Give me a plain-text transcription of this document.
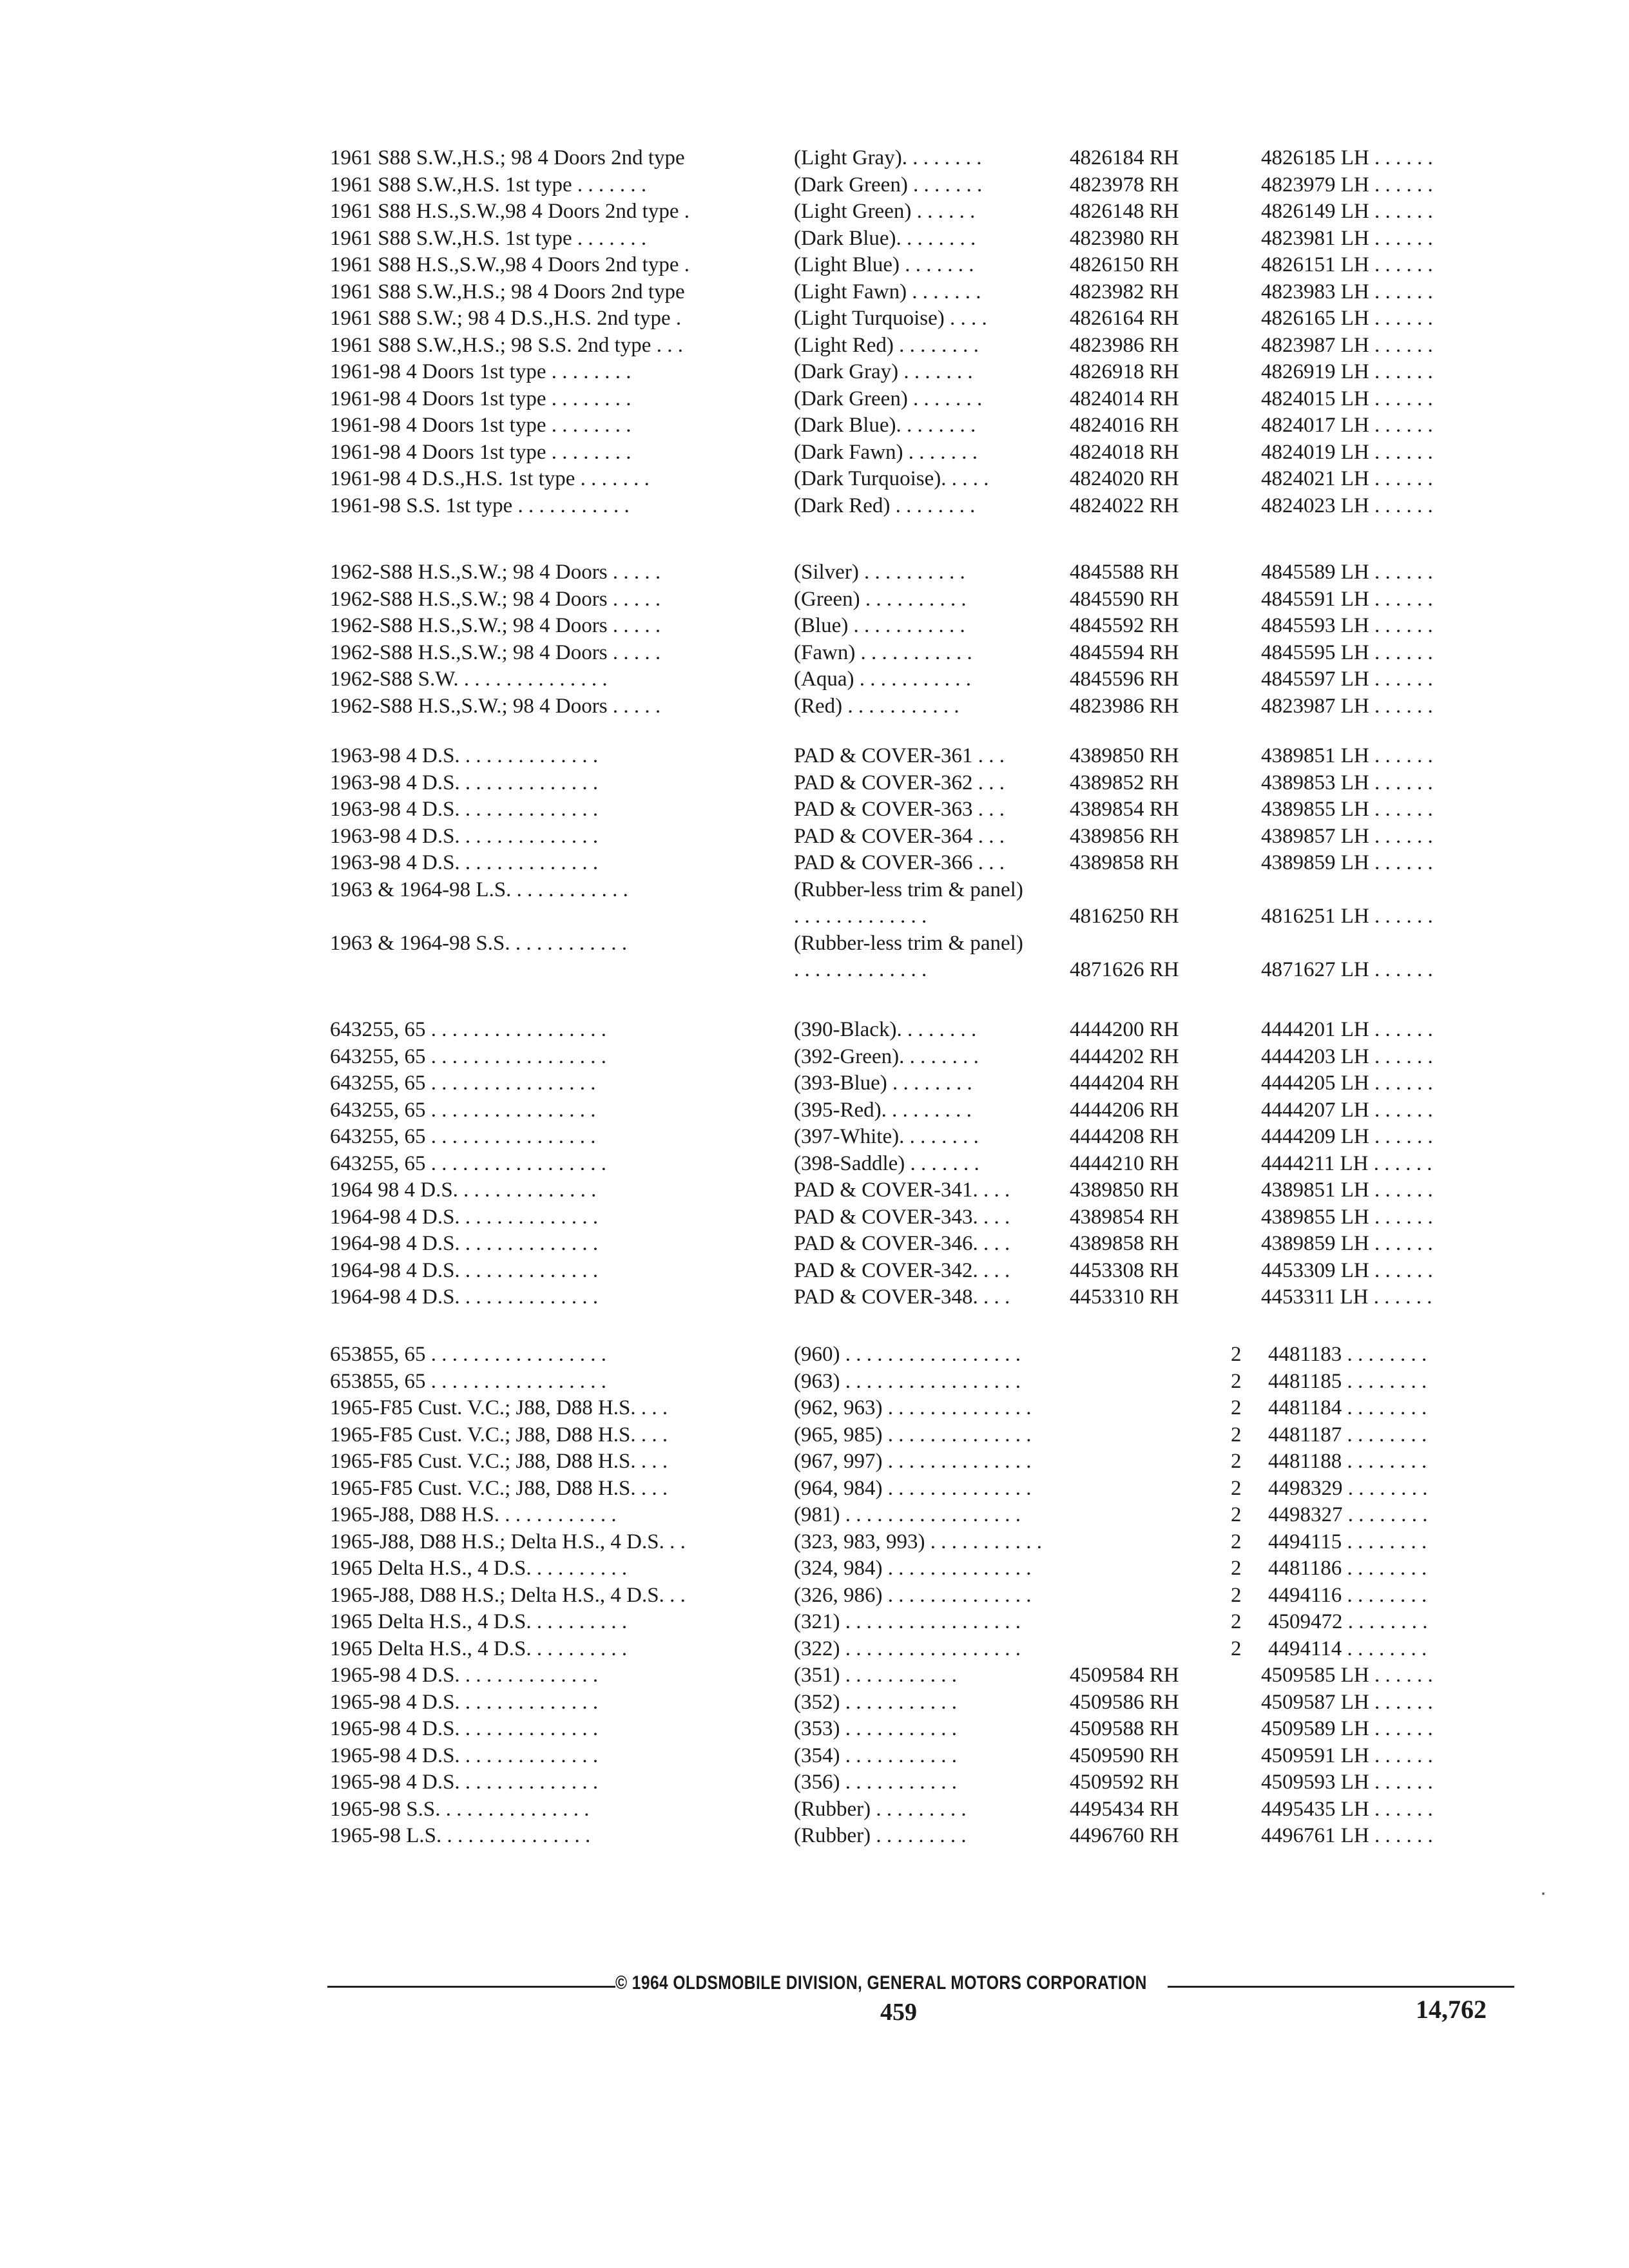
1961 S88 S.W.,H.S.; 98 4 Doors 2nd type	(Light Gray). . . . . . . .	4826184 RH	4826185 LH . . . . . .
1961 S88 S.W.,H.S. 1st type . . . . . . .	(Dark Green) . . . . . . .	4823978 RH	4823979 LH . . . . . .
1961 S88 H.S.,S.W.,98 4 Doors 2nd type .	(Light Green) . . . . . .	4826148 RH	4826149 LH . . . . . .
1961 S88 S.W.,H.S. 1st type . . . . . . .	(Dark Blue). . . . . . . .	4823980 RH	4823981 LH . . . . . .
1961 S88 H.S.,S.W.,98 4 Doors 2nd type .	(Light Blue) . . . . . . .	4826150 RH	4826151 LH . . . . . .
1961 S88 S.W.,H.S.; 98 4 Doors 2nd type	(Light Fawn) . . . . . . .	4823982 RH	4823983 LH . . . . . .
1961 S88 S.W.; 98 4 D.S.,H.S. 2nd type .	(Light Turquoise) . . . .	4826164 RH	4826165 LH . . . . . .
1961 S88 S.W.,H.S.; 98 S.S. 2nd type . . .	(Light Red) . . . . . . . .	4823986 RH	4823987 LH . . . . . .
1961-98 4 Doors 1st type . . . . . . . .	(Dark Gray) . . . . . . .	4826918 RH	4826919 LH . . . . . .
1961-98 4 Doors 1st type . . . . . . . .	(Dark Green) . . . . . . .	4824014 RH	4824015 LH . . . . . .
1961-98 4 Doors 1st type . . . . . . . .	(Dark Blue). . . . . . . .	4824016 RH	4824017 LH . . . . . .
1961-98 4 Doors 1st type . . . . . . . .	(Dark Fawn) . . . . . . .	4824018 RH	4824019 LH . . . . . .
1961-98 4 D.S.,H.S. 1st type . . . . . . .	(Dark Turquoise). . . . .	4824020 RH	4824021 LH . . . . . .
1961-98 S.S. 1st type . . . . . . . . . . .	(Dark Red) . . . . . . . .	4824022 RH	4824023 LH . . . . . .
1962-S88 H.S.,S.W.; 98 4 Doors . . . . .	(Silver) . . . . . . . . . .	4845588 RH	4845589 LH . . . . . .
1962-S88 H.S.,S.W.; 98 4 Doors . . . . .	(Green) . . . . . . . . . .	4845590 RH	4845591 LH . . . . . .
1962-S88 H.S.,S.W.; 98 4 Doors . . . . .	(Blue) . . . . . . . . . . .	4845592 RH	4845593 LH . . . . . .
1962-S88 H.S.,S.W.; 98 4 Doors . . . . .	(Fawn) . . . . . . . . . . .	4845594 RH	4845595 LH . . . . . .
1962-S88 S.W. . . . . . . . . . . . . . .	(Aqua) . . . . . . . . . . .	4845596 RH	4845597 LH . . . . . .
1962-S88 H.S.,S.W.; 98 4 Doors . . . . .	(Red) . . . . . . . . . . .	4823986 RH	4823987 LH . . . . . .
1963-98 4 D.S. . . . . . . . . . . . . .	PAD & COVER-361 . . .	4389850 RH	4389851 LH . . . . . .
1963-98 4 D.S. . . . . . . . . . . . . .	PAD & COVER-362 . . .	4389852 RH	4389853 LH . . . . . .
1963-98 4 D.S. . . . . . . . . . . . . .	PAD & COVER-363 . . .	4389854 RH	4389855 LH . . . . . .
1963-98 4 D.S. . . . . . . . . . . . . .	PAD & COVER-364 . . .	4389856 RH	4389857 LH . . . . . .
1963-98 4 D.S. . . . . . . . . . . . . .	PAD & COVER-366 . . .	4389858 RH	4389859 LH . . . . . .
1963 & 1964-98 L.S. . . . . . . . . . . .	(Rubber-less trim & panel)
. . . . . . . . . . . . .	4816250 RH	4816251 LH . . . . . .
1963 & 1964-98 S.S. . . . . . . . . . . .	(Rubber-less trim & panel)
. . . . . . . . . . . . .	4871626 RH	4871627 LH . . . . . .
643255, 65 . . . . . . . . . . . . . . . . .	(390-Black). . . . . . . .	4444200 RH	4444201 LH . . . . . .
643255, 65 . . . . . . . . . . . . . . . . .	(392-Green). . . . . . . .	4444202 RH	4444203 LH . . . . . .
643255, 65 . . . . . . . . . . . . . . . .	(393-Blue) . . . . . . . .	4444204 RH	4444205 LH . . . . . .
643255, 65 . . . . . . . . . . . . . . . .	(395-Red). . . . . . . . .	4444206 RH	4444207 LH . . . . . .
643255, 65 . . . . . . . . . . . . . . . .	(397-White). . . . . . . .	4444208 RH	4444209 LH . . . . . .
643255, 65 . . . . . . . . . . . . . . . . .	(398-Saddle) . . . . . . .	4444210 RH	4444211 LH . . . . . .
1964 98 4 D.S. . . . . . . . . . . . . .	PAD & COVER-341. . . .	4389850 RH	4389851 LH . . . . . .
1964-98 4 D.S. . . . . . . . . . . . . .	PAD & COVER-343. . . .	4389854 RH	4389855 LH . . . . . .
1964-98 4 D.S. . . . . . . . . . . . . .	PAD & COVER-346. . . .	4389858 RH	4389859 LH . . . . . .
1964-98 4 D.S. . . . . . . . . . . . . .	PAD & COVER-342. . . .	4453308 RH	4453309 LH . . . . . .
1964-98 4 D.S. . . . . . . . . . . . . .	PAD & COVER-348. . . .	4453310 RH	4453311 LH . . . . . .
653855, 65 . . . . . . . . . . . . . . . . .	(960) . . . . . . . . . . . . . . . . .	2 4481183 . . . . . . . .
653855, 65 . . . . . . . . . . . . . . . . .	(963) . . . . . . . . . . . . . . . . .	2 4481185 . . . . . . . .
1965-F85 Cust. V.C.; J88, D88 H.S. . . .	(962, 963) . . . . . . . . . . . . . .	2 4481184 . . . . . . . .
1965-F85 Cust. V.C.; J88, D88 H.S. . . .	(965, 985) . . . . . . . . . . . . . .	2 4481187 . . . . . . . .
1965-F85 Cust. V.C.; J88, D88 H.S. . . .	(967, 997) . . . . . . . . . . . . . .	2 4481188 . . . . . . . .
1965-F85 Cust. V.C.; J88, D88 H.S. . . .	(964, 984) . . . . . . . . . . . . . .	2 4498329 . . . . . . . .
1965-J88, D88 H.S. . . . . . . . . . . .	(981) . . . . . . . . . . . . . . . . .	2 4498327 . . . . . . . .
1965-J88, D88 H.S.; Delta H.S., 4 D.S. . .	(323, 983, 993) . . . . . . . . . . .	2 4494115 . . . . . . . .
1965 Delta H.S., 4 D.S. . . . . . . . . .	(324, 984) . . . . . . . . . . . . . .	2 4481186 . . . . . . . .
1965-J88, D88 H.S.; Delta H.S., 4 D.S. . .	(326, 986) . . . . . . . . . . . . . .	2 4494116 . . . . . . . .
1965 Delta H.S., 4 D.S. . . . . . . . . .	(321) . . . . . . . . . . . . . . . . .	2 4509472 . . . . . . . .
1965 Delta H.S., 4 D.S. . . . . . . . . .	(322) . . . . . . . . . . . . . . . . .	2 4494114 . . . . . . . .
1965-98 4 D.S. . . . . . . . . . . . . .	(351) . . . . . . . . . . .	4509584 RH	4509585 LH . . . . . .
1965-98 4 D.S. . . . . . . . . . . . . .	(352) . . . . . . . . . . .	4509586 RH	4509587 LH . . . . . .
1965-98 4 D.S. . . . . . . . . . . . . .	(353) . . . . . . . . . . .	4509588 RH	4509589 LH . . . . . .
1965-98 4 D.S. . . . . . . . . . . . . .	(354) . . . . . . . . . . .	4509590 RH	4509591 LH . . . . . .
1965-98 4 D.S. . . . . . . . . . . . . .	(356) . . . . . . . . . . .	4509592 RH	4509593 LH . . . . . .
1965-98 S.S. . . . . . . . . . . . . . .	(Rubber) . . . . . . . . .	4495434 RH	4495435 LH . . . . . .
1965-98 L.S. . . . . . . . . . . . . . .	(Rubber) . . . . . . . . .	4496760 RH	4496761 LH . . . . . .
© 1964 OLDSMOBILE DIVISION, GENERAL MOTORS CORPORATION
459	14,762
